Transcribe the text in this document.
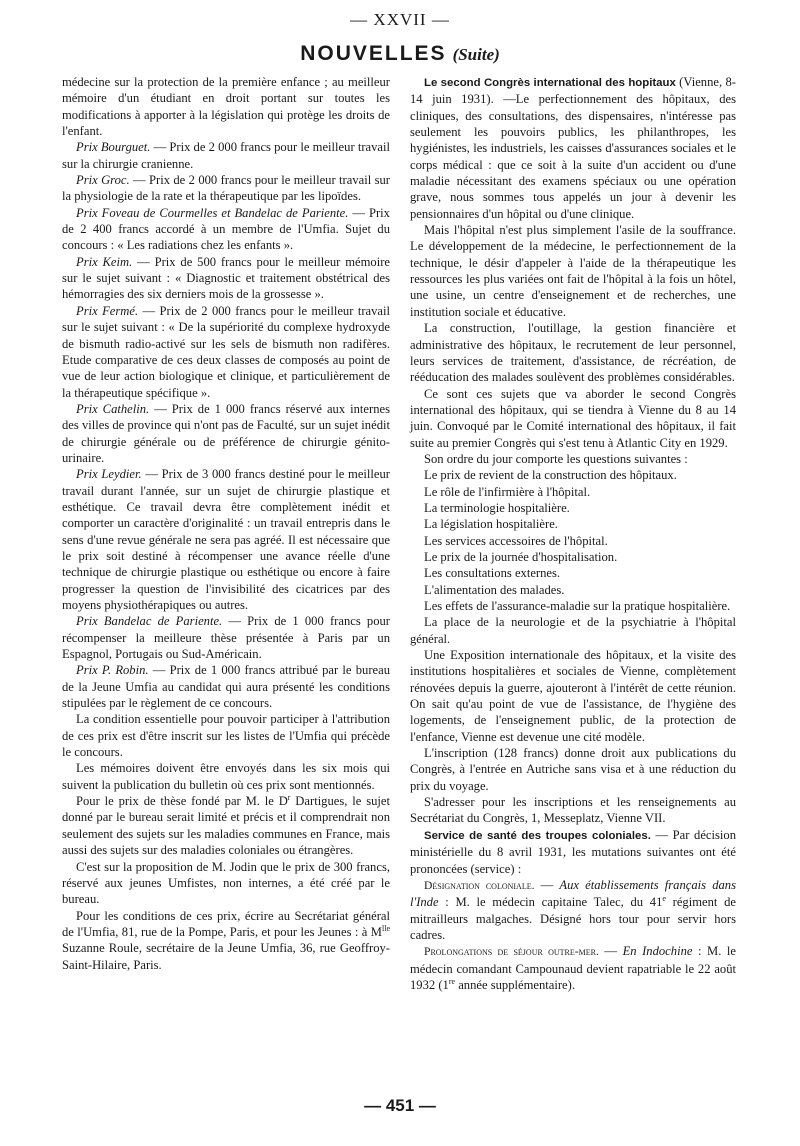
— XXVII —
NOUVELLES (Suite)

médecine sur la protection de la première enfance ; au meilleur mémoire d'un étudiant en droit portant sur toutes les modifications à apporter à la législation qui protège les droits de l'enfant.

Prix Bourguet. — Prix de 2 000 francs pour le meilleur travail sur la chirurgie cranienne.

Prix Groc. — Prix de 2 000 francs pour le meilleur travail sur la physiologie de la rate et la thérapeutique par les lipoïdes.

Prix Foveau de Courmelles et Bandelac de Pariente. — Prix de 2 400 francs accordé à un membre de l'Umfia. Sujet du concours : « Les radiations chez les enfants ».

Prix Keim. — Prix de 500 francs pour le meilleur mémoire sur le sujet suivant : « Diagnostic et traitement obstétrical des hémorragies des six derniers mois de la grossesse ».

Prix Fermé. — Prix de 2 000 francs pour le meilleur travail sur le sujet suivant : « De la supériorité du complexe hydroxyde de bismuth radio-activé sur les sels de bismuth non radifères. Etude comparative de ces deux classes de composés au point de vue de leur action biologique et clinique, et particulièrement de la thérapeutique spécifique ».

Prix Cathelin. — Prix de 1 000 francs réservé aux internes des villes de province qui n'ont pas de Faculté, sur un sujet inédit de chirurgie générale ou de préférence de chirurgie génito-urinaire.

Prix Leydier. — Prix de 3 000 francs destiné pour le meilleur travail durant l'année, sur un sujet de chirurgie plastique et esthétique. Ce travail devra être complètement inédit et comporter un caractère d'originalité : un travail entrepris dans le sens d'une revue générale ne sera pas agréé. Il est nécessaire que le prix soit destiné à récompenser une avance réelle d'une technique de chirurgie plastique ou esthétique ou encore à faire progresser la question de l'invisibilité des cicatrices par des moyens physiothérapiques ou autres.

Prix Bandelac de Pariente. — Prix de 1 000 francs pour récompenser la meilleure thèse présentée à Paris par un Espagnol, Portugais ou Sud-Américain.

Prix P. Robin. — Prix de 1 000 francs attribué par le bureau de la Jeune Umfia au candidat qui aura présenté les conditions stipulées par le règlement de ce concours.

La condition essentielle pour pouvoir participer à l'attribution de ces prix est d'être inscrit sur les listes de l'Umfia qui précède le concours.

Les mémoires doivent être envoyés dans les six mois qui suivent la publication du bulletin où ces prix sont mentionnés.

Pour le prix de thèse fondé par M. le $D^r$ Dartigues, le sujet donné par le bureau serait limité et précis et il comprendrait non seulement des sujets sur les maladies communes en France, mais aussi des sujets sur des maladies coloniales ou étrangères.

C'est sur la proposition de M. Jodin que le prix de 300 francs, réservé aux jeunes Umfistes, non internes, a été créé par le bureau.

Pour les conditions de ces prix, écrire au Secrétariat général de l'Umfia, 81, rue de la Pompe, Paris, et pour les Jeunes : à $M^{lle}$ Suzanne Roule, secrétaire de la Jeune Umfia, 36, rue Geoffroy-Saint-Hilaire, Paris.

Le second Congrès international des hopitaux (Vienne, 8-14 juin 1931). —Le perfectionnement des hôpitaux, des cliniques, des consultations, des dispensaires, n'intéresse pas seulement les pouvoirs publics, les philanthropes, les hygiénistes, les industriels, les caisses d'assurances sociales et le corps médical : que ce soit à la suite d'un accident ou d'une maladie nécessitant des examens spéciaux ou une opération grave, nous sommes tous appelés un jour à devenir les pensionnaires d'un hôpital ou d'une clinique.

Mais l'hôpital n'est plus simplement l'asile de la souffrance. Le développement de la médecine, le perfectionnement de la technique, le désir d'appeler à l'aide de la thérapeutique les ressources les plus variées ont fait de l'hôpital à la fois un hôtel, une usine, un centre d'enseignement et de recherches, une institution sociale et éducative.

La construction, l'outillage, la gestion financière et administrative des hôpitaux, le recrutement de leur personnel, leurs services de traitement, d'assistance, de récréation, de rééducation des malades soulèvent des problèmes considérables.

Ce sont ces sujets que va aborder le second Congrès international des hôpitaux, qui se tiendra à Vienne du 8 au 14 juin. Convoqué par le Comité international des hôpitaux, il fait suite au premier Congrès qui s'est tenu à Atlantic City en 1929.

Son ordre du jour comporte les questions suivantes :

Le prix de revient de la construction des hôpitaux.

Le rôle de l'infirmière à l'hôpital.

La terminologie hospitalière.

La législation hospitalière.

Les services accessoires de l'hôpital.

Le prix de la journée d'hospitalisation.

Les consultations externes.

L'alimentation des malades.

Les effets de l'assurance-maladie sur la pratique hospitalière.

La place de la neurologie et de la psychiatrie à l'hôpital général.

Une Exposition internationale des hôpitaux, et la visite des institutions hospitalières et sociales de Vienne, complètement rénovées depuis la guerre, ajouteront à l'intérêt de cette réunion. On sait qu'au point de vue de l'assistance, de l'hygiène des logements, de l'enseignement public, de la protection de l'enfance, Vienne est devenue une cité modèle.

L'inscription (128 francs) donne droit aux publications du Congrès, à l'entrée en Autriche sans visa et à une réduction du prix du voyage.

S'adresser pour les inscriptions et les renseignements au Secrétariat du Congrès, 1, Messeplatz, Vienne VII.

Service de santé des troupes coloniales. — Par décision ministérielle du 8 avril 1931, les mutations suivantes ont été prononcées (service) :

Désignation coloniale. — Aux établissements français dans l'Inde : M. le médecin capitaine Talec, du 41e régiment de mitrailleurs malgaches. Désigné hors tour pour servir hors cadres.

Prolongations de séjour outre-mer. — En Indochine : M. le médecin comandant Campounaud devient rapatriable le 22 août 1932 (1re année supplémentaire).

— 451 —
